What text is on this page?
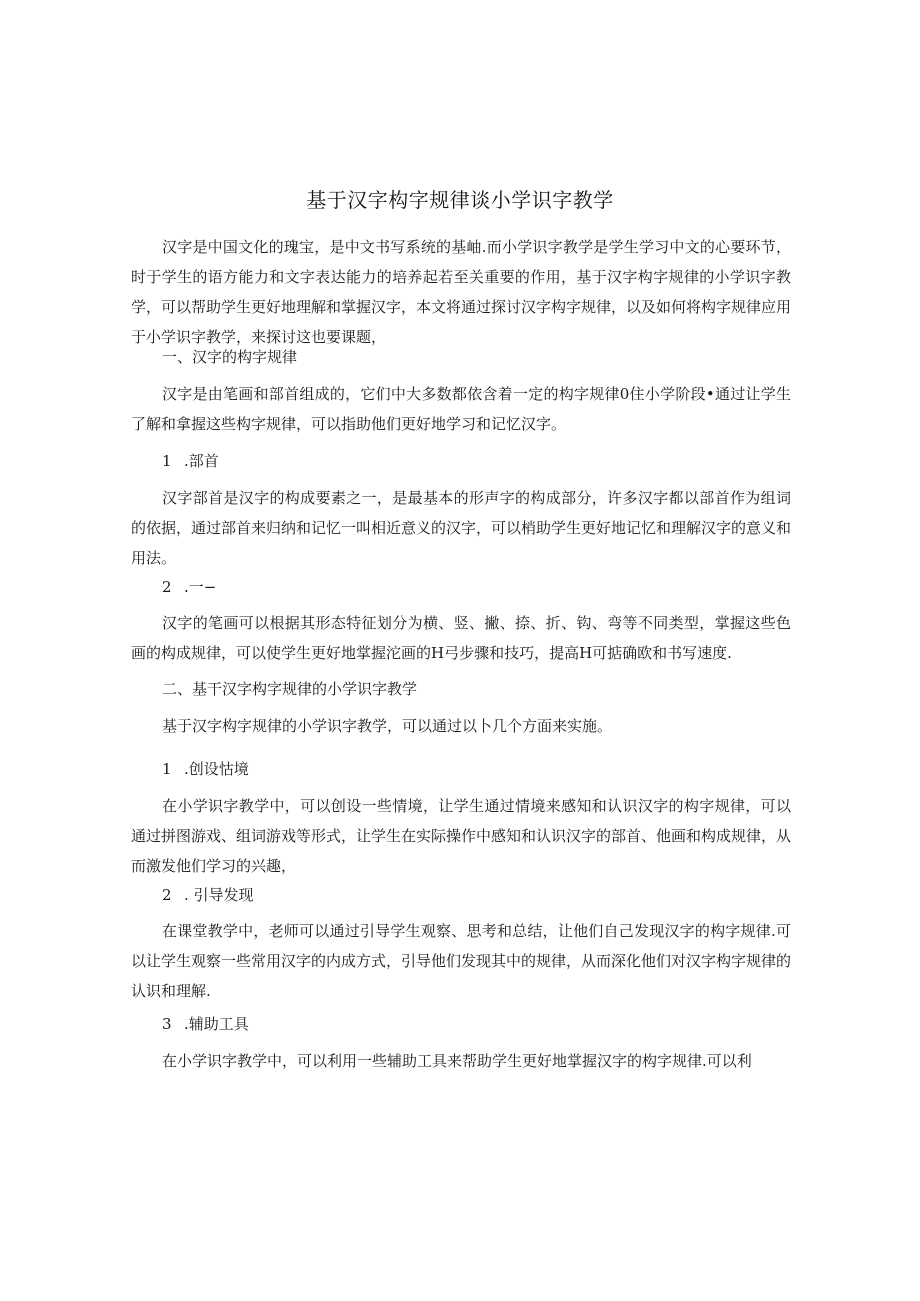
基于汉字构字规律谈小学识字教学

汉字是中国文化的瑰宝，是中文书写系统的基岫.而小学识字教学是学生学习中文的心要环节，时于学生的语方能力和文字表达能力的培养起若至关重要的作用，基于汉字构字规律的小学识字教学，可以帮助学生更好地理解和掌握汉字，本文将通过探讨汉字构字规律，以及如何将构字规律应用于小学识字教学，来探讨这也要课题，

一、汉字的构字规律

汉字是由笔画和部首组成的，它们中大多数都依含着一定的构字规律0住小学阶段•通过让学生了解和拿握这些构字规律，可以指助他们更好地学习和记忆汉字。

1 .部首

汉字部首是汉字的构成要素之一，是最基本的形声字的构成部分，许多汉字都以部首作为组词的依据，通过部首来归纳和记忆一叫相近意义的汉字，可以梢助学生更好地记忆和理解汉字的意义和用法。

2 .一−

汉字的笔画可以根据其形态特征划分为横、竖、撇、捺、折、钩、弯等不同类型，掌握这些色画的构成规律，可以使学生更好地掌握沱画的H弓步骤和技巧，提高H可掂确欧和书写速度.

二、基干汉字构字规律的小学识字教学

基于汉字构字规律的小学识字教学，可以通过以卜几个方面来实施。

1 .创设怙境

在小学识字教学中，可以创设一些情境，让学生通过情境来感知和认识汉字的构字规律，可以通过拼图游戏、组词游戏等形式，让学生在实际操作中感知和认识汉字的部首、他画和构成规律，从而激发他们学习的兴趣，

2 . 引导发现

在课堂教学中，老师可以通过引导学生观察、思考和总结，让他们自己发现汉字的构字规律.可以让学生观察一些常用汉字的内成方式，引导他们发现其中的规律，从而深化他们对汉字构字规律的认识和理解.

3 .辅助工具

在小学识字教学中，可以利用一些辅助工具来帮助学生更好地掌握汉字的构字规律.可以利
